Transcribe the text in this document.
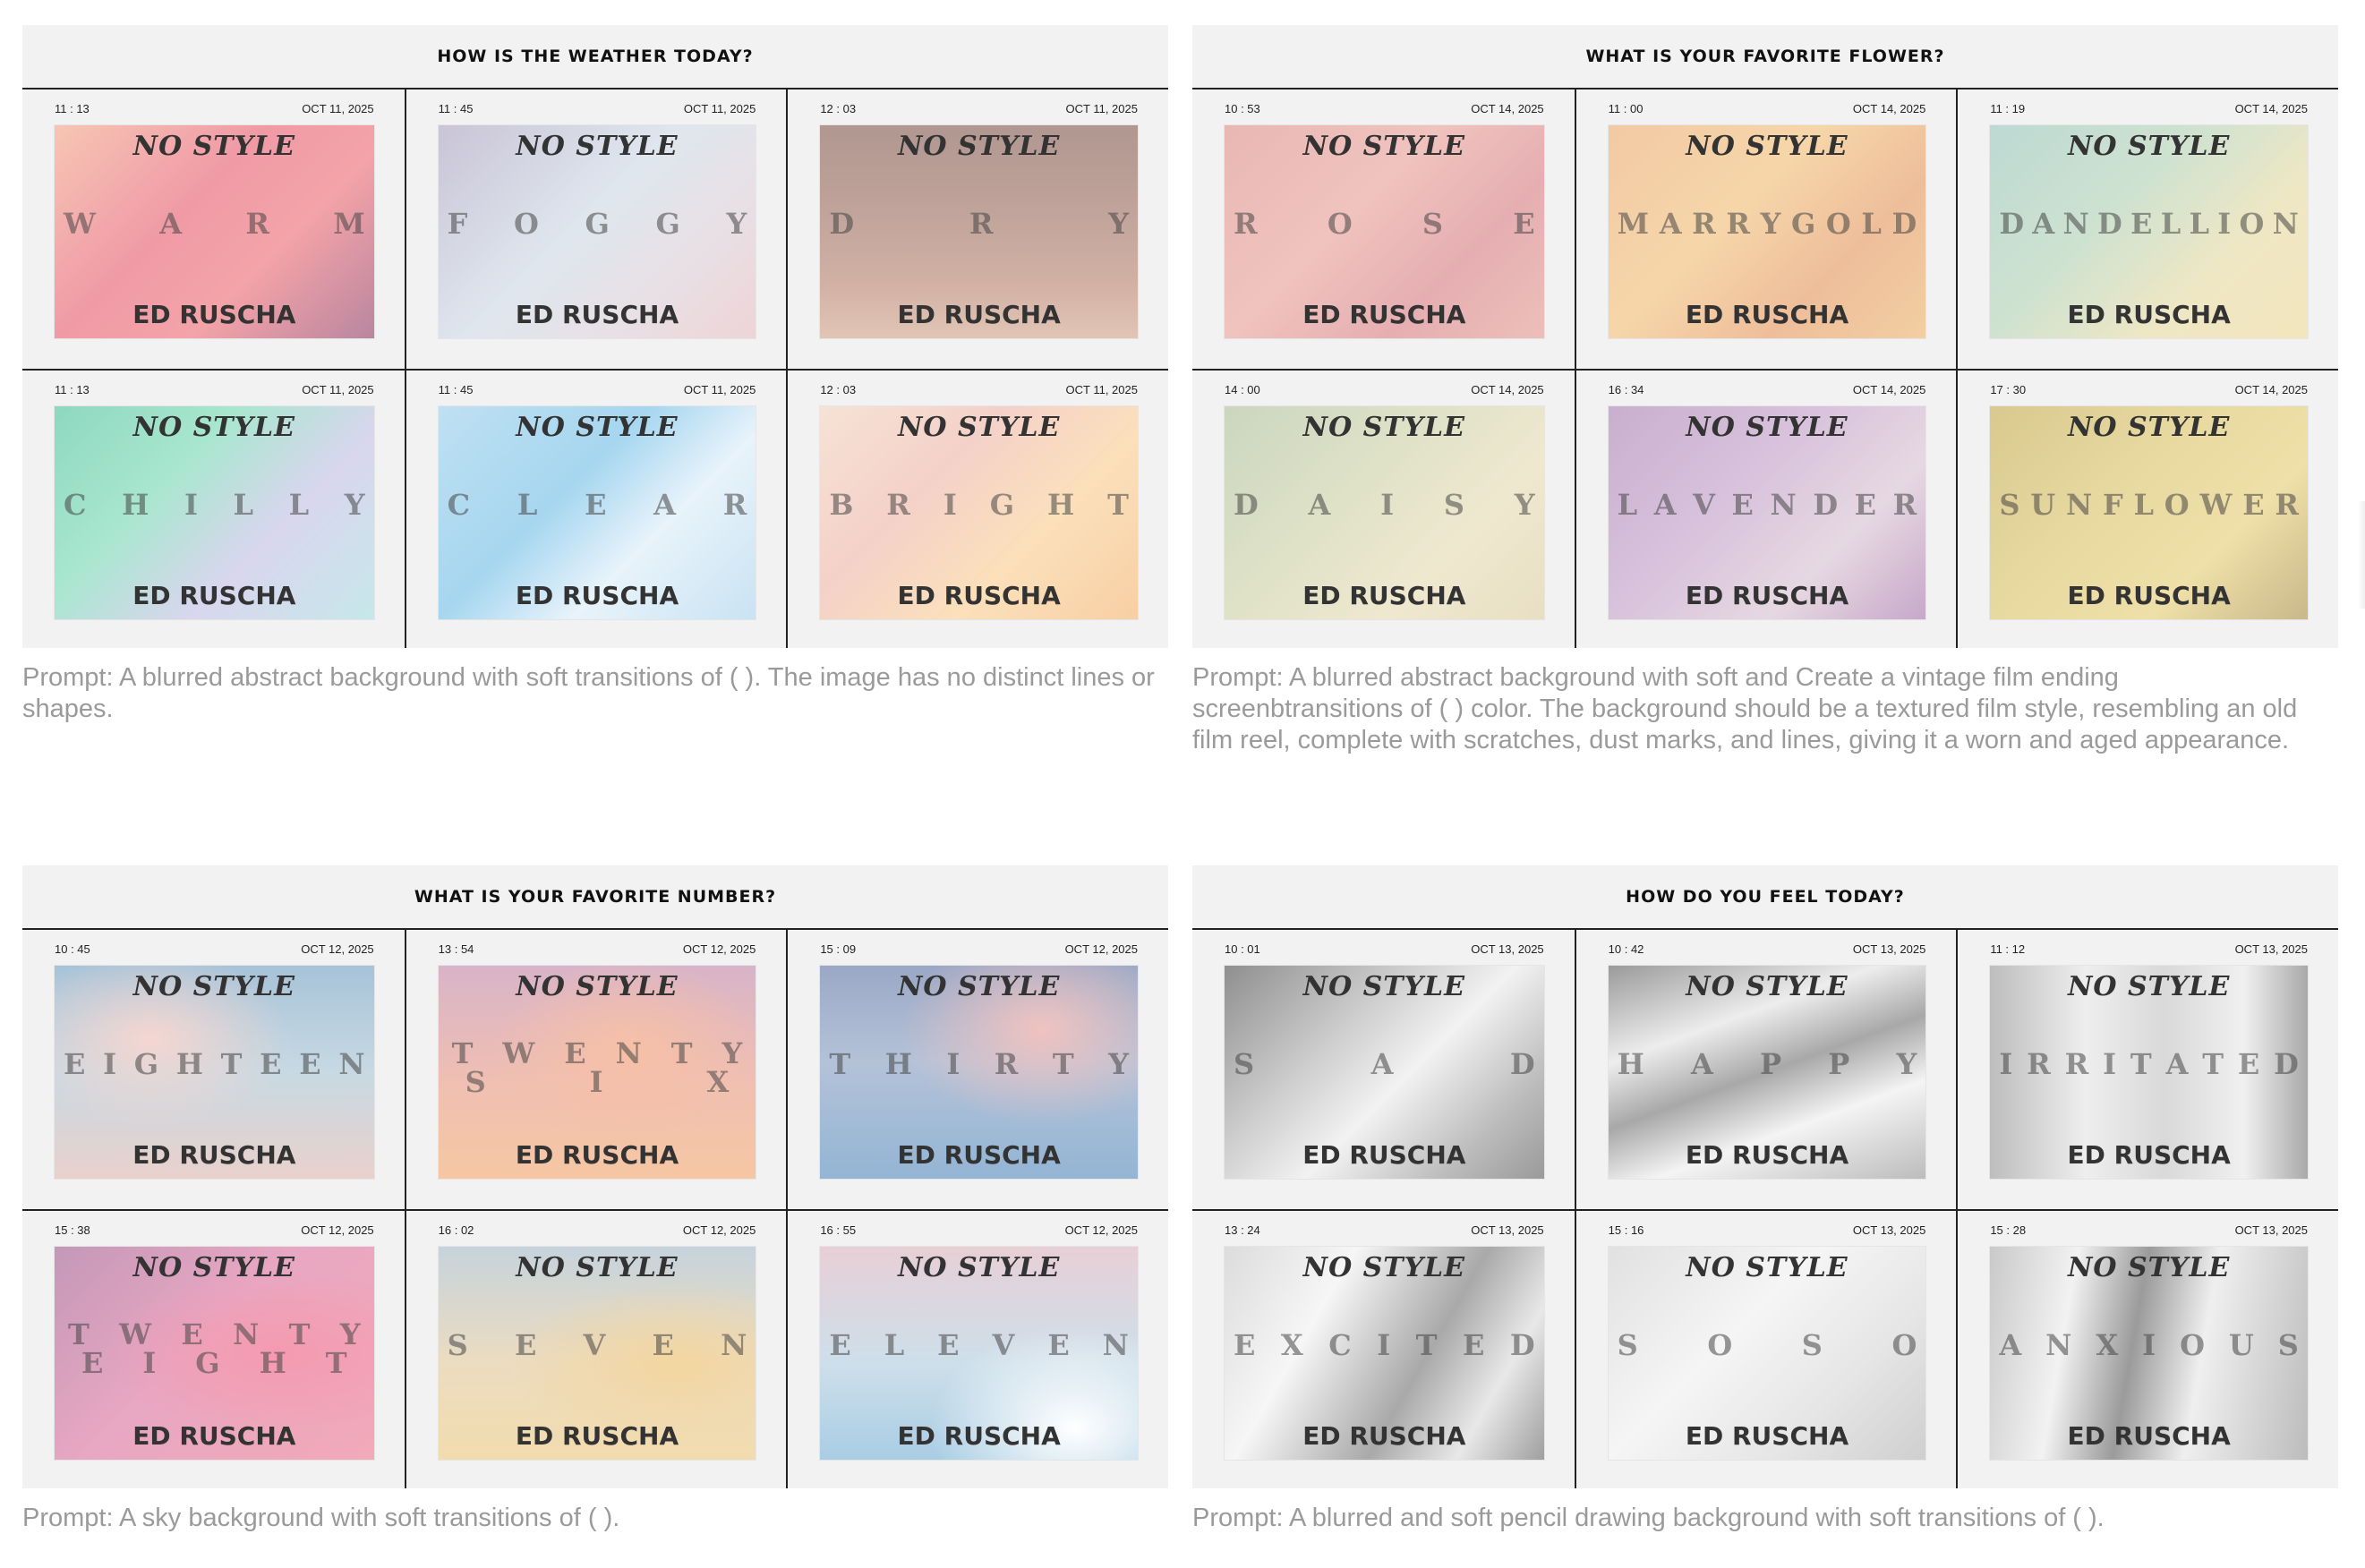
HOW IS THE WEATHER TODAY?
11 : 13	OCT 11, 2025
NO STYLE
W A R M
ED RUSCHA
11 : 45	OCT 11, 2025
NO STYLE
F O G G Y
ED RUSCHA
12 : 03	OCT 11, 2025
NO STYLE
D	R	Y
ED RUSCHA
11 : 13	OCT 11, 2025
NO STYLE
C H I L L Y
ED RUSCHA
11 : 45	OCT 11, 2025
NO STYLE
C L E A R
ED RUSCHA
12 : 03	OCT 11, 2025
NO STYLE
B R I G H T
ED RUSCHA
Prompt: A blurred abstract background with soft transitions of ( ). The image has no distinct lines or shapes.
WHAT IS YOUR FAVORITE FLOWER?
10 : 53	OCT 14, 2025
NO STYLE
R O S E
ED RUSCHA
11 : 00	OCT 14, 2025
NO STYLE
M A R R Y G O L D
ED RUSCHA
11 : 19	OCT 14, 2025
NO STYLE
D A N D E L L I O N
ED RUSCHA
14 : 00	OCT 14, 2025
NO STYLE
D A I S Y
ED RUSCHA
16 : 34	OCT 14, 2025
NO STYLE
L A V E N D E R
ED RUSCHA
17 : 30	OCT 14, 2025
NO STYLE
S U N F L O W E R
ED RUSCHA
Prompt: A blurred abstract background with soft and Create a vintage film ending screenbtransitions of ( ) color. The background should be a textured film style, resembling an old film reel, complete with scratches, dust marks, and lines, giving it a worn and aged appearance.
WHAT IS YOUR FAVORITE NUMBER?
10 : 45	OCT 12, 2025
NO STYLE
E I G H T E E N
ED RUSCHA
13 : 54	OCT 12, 2025
NO STYLE
T W E N T Y
S	I	X
ED RUSCHA
15 : 09	OCT 12, 2025
NO STYLE
T H I R T Y
ED RUSCHA
15 : 38	OCT 12, 2025
NO STYLE
T W E N T Y
E I G H T
ED RUSCHA
16 : 02	OCT 12, 2025
NO STYLE
S E V E N
ED RUSCHA
16 : 55	OCT 12, 2025
NO STYLE
E L E V E N
ED RUSCHA
Prompt: A sky background with soft transitions of ( ).
HOW DO YOU FEEL TODAY?
10 : 01	OCT 13, 2025
NO STYLE
S	A	D
ED RUSCHA
10 : 42	OCT 13, 2025
NO STYLE
H A P P Y
ED RUSCHA
11 : 12	OCT 13, 2025
NO STYLE
I R R I T A T E D
ED RUSCHA
13 : 24	OCT 13, 2025
NO STYLE
E X C I T E D
ED RUSCHA
15 : 16	OCT 13, 2025
NO STYLE
S O S O
ED RUSCHA
15 : 28	OCT 13, 2025
NO STYLE
A N X I O U S
ED RUSCHA
Prompt: A blurred and soft pencil drawing background with soft transitions of ( ).
